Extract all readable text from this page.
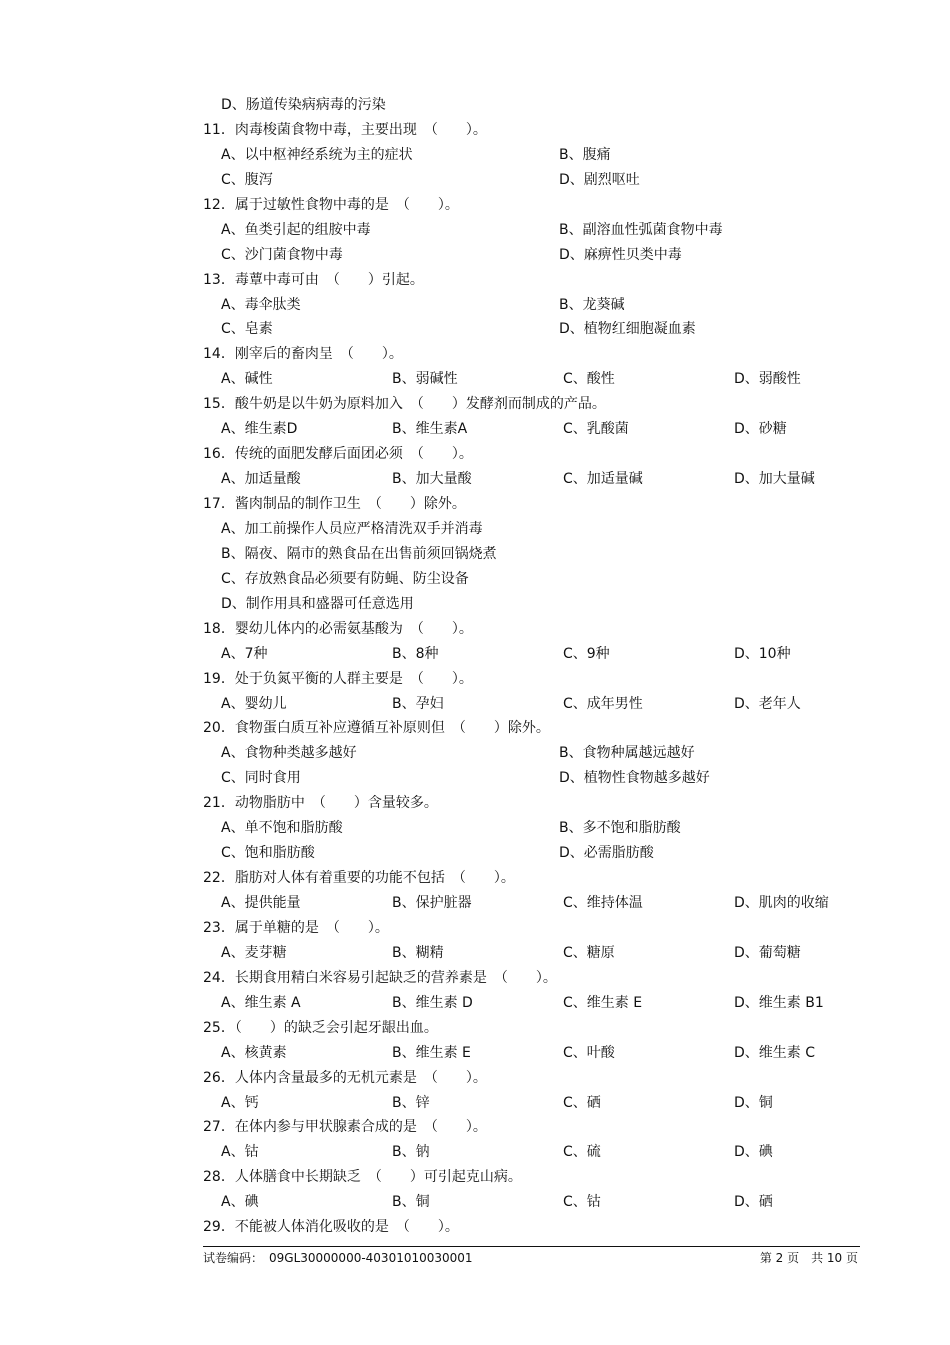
D、肠道传染病病毒的污染
11．肉毒梭菌食物中毒，主要出现　（　　）。
A、以中枢神经系统为主的症状	B、腹痛
C、腹泻	D、剧烈呕吐
12．属于过敏性食物中毒的是　（　　）。
A、鱼类引起的组胺中毒	B、副溶血性弧菌食物中毒
C、沙门菌食物中毒	D、麻痹性贝类中毒
13．毒蕈中毒可由　（　　）引起。
A、毒伞肽类	B、龙葵碱
C、皂素	D、植物红细胞凝血素
14．刚宰后的畜肉呈　（　　）。
A、碱性	B、弱碱性	C、酸性	D、弱酸性
15．酸牛奶是以牛奶为原料加入　（　　）发酵剂而制成的产品。
A、维生素D	B、维生素A	C、乳酸菌	D、砂糖
16．传统的面肥发酵后面团必须　（　　）。
A、加适量酸	B、加大量酸	C、加适量碱	D、加大量碱
17．酱肉制品的制作卫生　（　　）除外。
A、加工前操作人员应严格清洗双手并消毒
B、隔夜、隔市的熟食品在出售前须回锅烧煮
C、存放熟食品必须要有防蝇、防尘设备
D、制作用具和盛器可任意选用
18．婴幼儿体内的必需氨基酸为　（　　）。
A、7种	B、8种	C、9种	D、10种
19．处于负氮平衡的人群主要是　（　　）。
A、婴幼儿	B、孕妇	C、成年男性	D、老年人
20．食物蛋白质互补应遵循互补原则但　（　　）除外。
A、食物种类越多越好	B、食物种属越远越好
C、同时食用	D、植物性食物越多越好
21．动物脂肪中　（　　）含量较多。
A、单不饱和脂肪酸	B、多不饱和脂肪酸
C、饱和脂肪酸	D、必需脂肪酸
22．脂肪对人体有着重要的功能不包括　（　　）。
A、提供能量	B、保护脏器	C、维持体温	D、肌肉的收缩
23．属于单糖的是　（　　）。
A、麦芽糖	B、糊精	C、糖原	D、葡萄糖
24．长期食用精白米容易引起缺乏的营养素是　（　　）。
A、维生素 A	B、维生素 D	C、维生素 E	D、维生素 B1
25．（　　）的缺乏会引起牙龈出血。
A、核黄素	B、维生素 E	C、叶酸	D、维生素 C
26．人体内含量最多的无机元素是　（　　）。
A、钙	B、锌	C、硒	D、铜
27．在体内参与甲状腺素合成的是　（　　）。
A、钴	B、钠	C、硫	D、碘
28．人体膳食中长期缺乏　（　　）可引起克山病。
A、碘	B、铜	C、钴	D、硒
29．不能被人体消化吸收的是　（　　）。
试卷编码：　09GL30000000-40301010030001	第 2 页　共 10 页
